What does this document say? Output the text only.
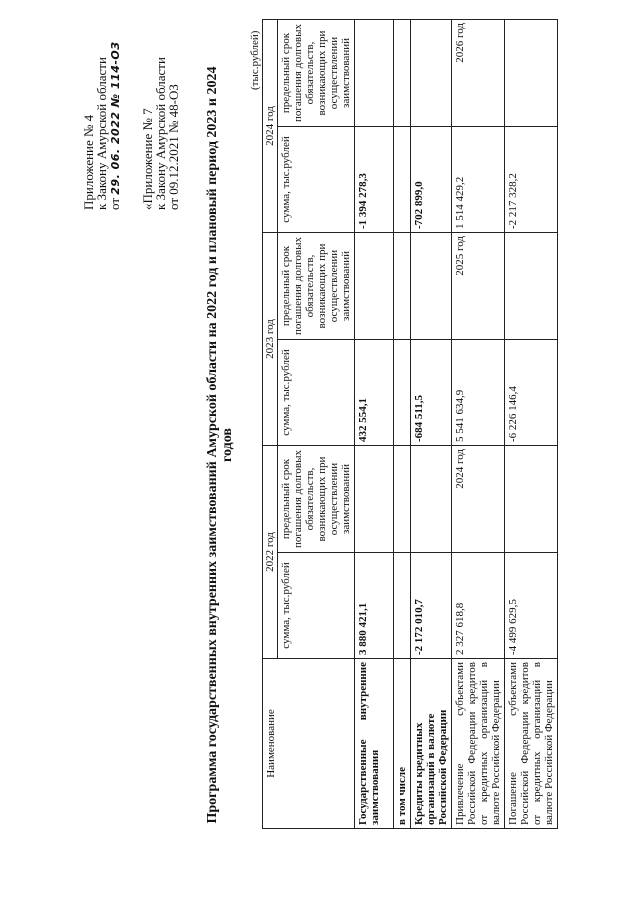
Приложение № 4
к Закону Амурской области
от 29. 06. 2022 № 114-ОЗ «Приложение № 7
к Закону Амурской области
от 09.12.2021 № 48-ОЗ Программа государственных внутренних заимствований Амурской области на 2022 год и плановый период 2023 и 2024 годов
(тыс.рублей)
Наименование	2022 год		2023 год		2024 год	
	сумма, тыс.рублей	предельный срок погашения долговых обязательств, возникающих при осуществлении заимствований	сумма, тыс.рублей	предельный срок погашения долговых обязательств, возникающих при осуществлении заимствований	сумма, тыс.рублей	предельный срок погашения долговых обязательств, возникающих при осуществлении заимствований
Государственные внутренние заимствования	3 880 421,1		432 554,1		-1 394 278,3	
в том числе						
Кредиты кредитных организаций в валюте Российской Федерации	-2 172 010,7		-684 511,5		-702 899,0	
Привлечение субъектами Российской Федерации кредитов от кредитных организаций в валюте Российской Федерации	2 327 618,8	2024 год	5 541 634,9	2025 год	1 514 429,2	2026 год
Погашение субъектами Российской Федерации кредитов от кредитных организаций в валюте Российской Федерации	-4 499 629,5		-6 226 146,4		-2 217 328,2	
